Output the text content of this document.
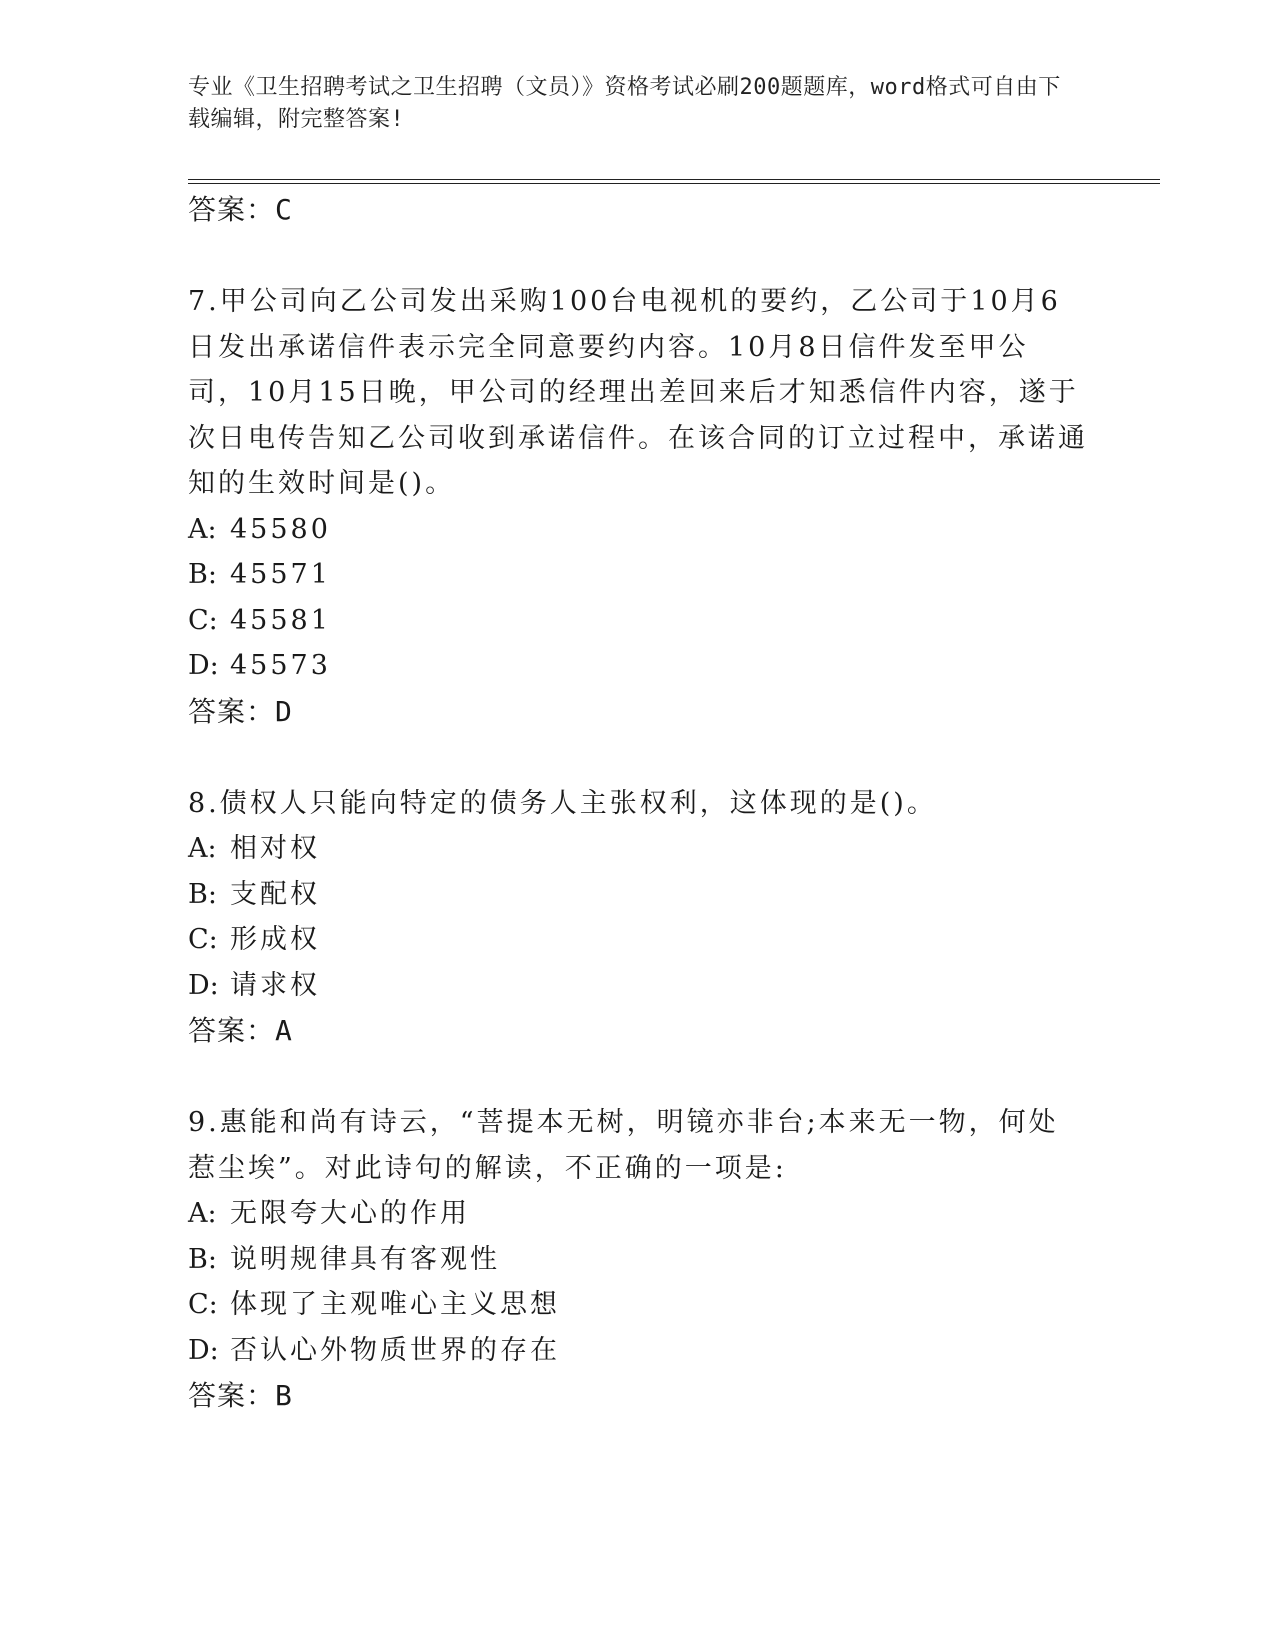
专业《卫生招聘考试之卫生招聘（文员）》资格考试必刷200题题库，word格式可自由下载编辑，附完整答案!
答案：C
7.甲公司向乙公司发出采购100台电视机的要约，乙公司于10月6日发出承诺信件表示完全同意要约内容。10月8日信件发至甲公司，10月15日晚，甲公司的经理出差回来后才知悉信件内容，遂于次日电传告知乙公司收到承诺信件。在该合同的订立过程中，承诺通知的生效时间是()。
A: 45580
B: 45571
C: 45581
D: 45573
答案：D
8.债权人只能向特定的债务人主张权利，这体现的是()。
A: 相对权
B: 支配权
C: 形成权
D: 请求权
答案：A
9.惠能和尚有诗云，“菩提本无树，明镜亦非台;本来无一物，何处惹尘埃”。对此诗句的解读，不正确的一项是:
A: 无限夸大心的作用
B: 说明规律具有客观性
C: 体现了主观唯心主义思想
D: 否认心外物质世界的存在
答案：B
